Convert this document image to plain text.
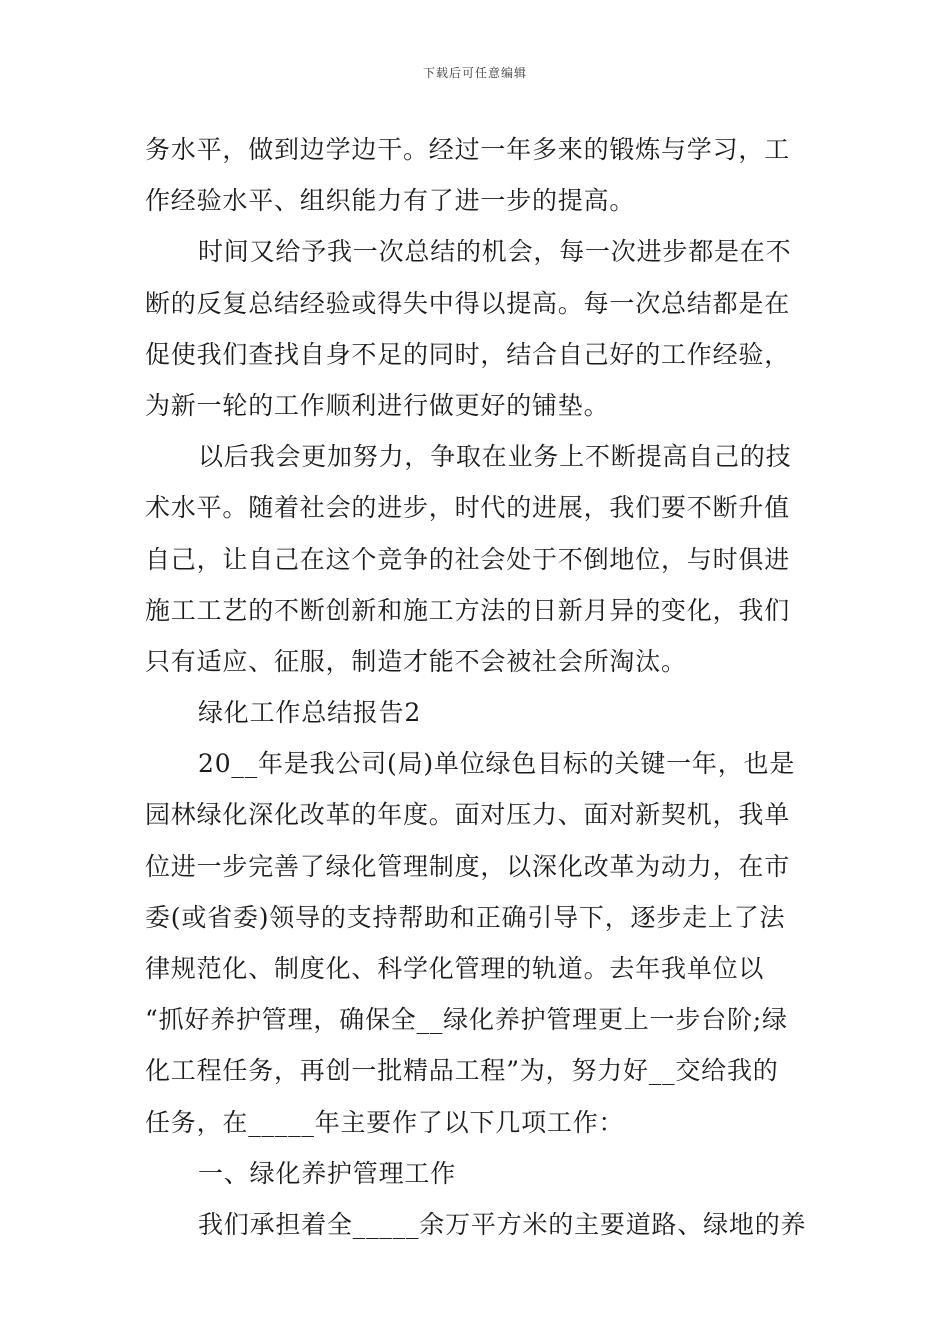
下载后可任意编辑
务水平，做到边学边干。经过一年多来的锻炼与学习，工
作经验水平、组织能力有了进一步的提高。
时间又给予我一次总结的机会，每一次进步都是在不
断的反复总结经验或得失中得以提高。每一次总结都是在
促使我们查找自身不足的同时，结合自己好的工作经验，
为新一轮的工作顺利进行做更好的铺垫。
以后我会更加努力，争取在业务上不断提高自己的技
术水平。随着社会的进步，时代的进展，我们要不断升值
自己，让自己在这个竞争的社会处于不倒地位，与时俱进
施工工艺的不断创新和施工方法的日新月异的变化，我们
只有适应、征服，制造才能不会被社会所淘汰。
绿化工作总结报告2
20__年是我公司(局)单位绿色目标的关键一年，也是
园林绿化深化改革的年度。面对压力、面对新契机，我单
位进一步完善了绿化管理制度，以深化改革为动力，在市
委(或省委)领导的支持帮助和正确引导下，逐步走上了法
律规范化、制度化、科学化管理的轨道。去年我单位以
“抓好养护管理，确保全__绿化养护管理更上一步台阶;绿
化工程任务，再创一批精品工程”为，努力好__交给我的
任务，在_____年主要作了以下几项工作：
一、绿化养护管理工作
我们承担着全_____余万平方米的主要道路、绿地的养
